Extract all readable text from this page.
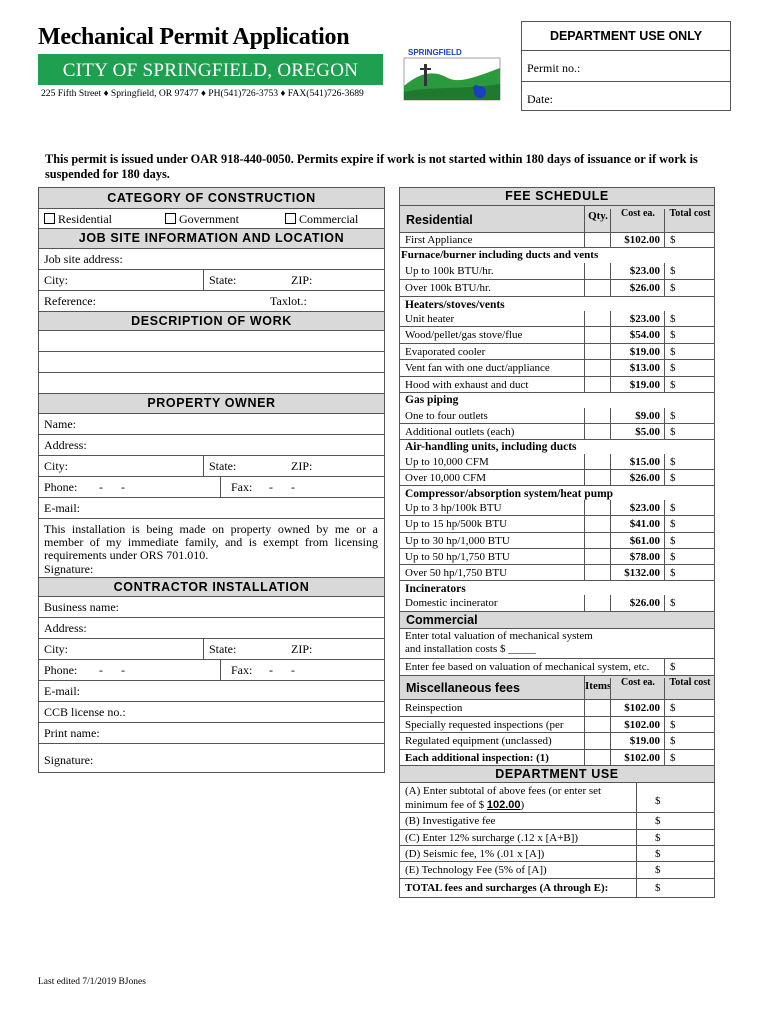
Mechanical Permit Application
CITY OF SPRINGFIELD, OREGON
225 Fifth Street ♦ Springfield, OR 97477 ♦ PH(541)726-3753 ♦ FAX(541)726-3689
SPRINGFIELD
DEPARTMENT USE ONLY
Permit no.:
Date:
This permit is issued under OAR 918-440-0050. Permits expire if work is not started within 180 days of issuance or if work is suspended for 180 days.
CATEGORY OF CONSTRUCTION
Residential	Government	Commercial
JOB SITE INFORMATION AND LOCATION
Job site address:
City:	State:	ZIP:
Reference:	Taxlot.:
DESCRIPTION OF WORK
PROPERTY OWNER
Name:
Address:
City:	State:	ZIP:
Phone: -      -	Fax: -      -
E-mail:
This installation is being made on property owned by me or a member of my immediate family, and is exempt from licensing requirements under ORS 701.010.
Signature:
CONTRACTOR INSTALLATION
Business name:
Address:
City:	State:	ZIP:
Phone: -      -	Fax: -      -
E-mail:
CCB license no.:
Print name:
Signature:
FEE SCHEDULE
Residential	Qty.	Cost ea.	Total cost
First Appliance	$102.00 $
Furnace/burner including ducts and vents
Up to 100k BTU/hr.	$23.00 $
Over 100k BTU/hr.	$26.00 $
Heaters/stoves/vents
Unit heater	$23.00 $
Wood/pellet/gas stove/flue	$54.00 $
Evaporated cooler	$19.00 $
Vent fan with one duct/appliance	$13.00 $
Hood with exhaust and duct	$19.00 $
Gas piping
One to four outlets	$9.00 $
Additional outlets (each)	$5.00 $
Air-handling units, including ducts
Up to 10,000 CFM	$15.00 $
Over 10,000 CFM	$26.00 $
Compressor/absorption system/heat pump
Up to 3 hp/100k BTU	$23.00 $
Up to 15 hp/500k BTU	$41.00 $
Up to 30 hp/1,000 BTU	$61.00 $
Up to 50 hp/1,750 BTU	$78.00 $
Over 50 hp/1,750 BTU	$132.00 $
Incinerators
Domestic incinerator	$26.00 $
Commercial
Enter total valuation of mechanical system
and installation costs $ _____
Enter fee based on valuation of mechanical system, etc.	$
Miscellaneous fees	Items Cost ea.	Total cost
Reinspection	$102.00 $
Specially requested inspections (per	$102.00 $
Regulated equipment (unclassed)	$19.00 $
Each additional inspection: (1)	$102.00 $
DEPARTMENT USE
(A) Enter subtotal of above fees (or enter set
minimum fee of $ 102.00)	$
(B) Investigative fee	$
(C) Enter 12% surcharge (.12 x [A+B])	$
(D) Seismic fee, 1% (.01 x [A])	$
(E) Technology Fee (5% of [A])	$
TOTAL fees and surcharges (A through E):	$
Last edited 7/1/2019 BJones
